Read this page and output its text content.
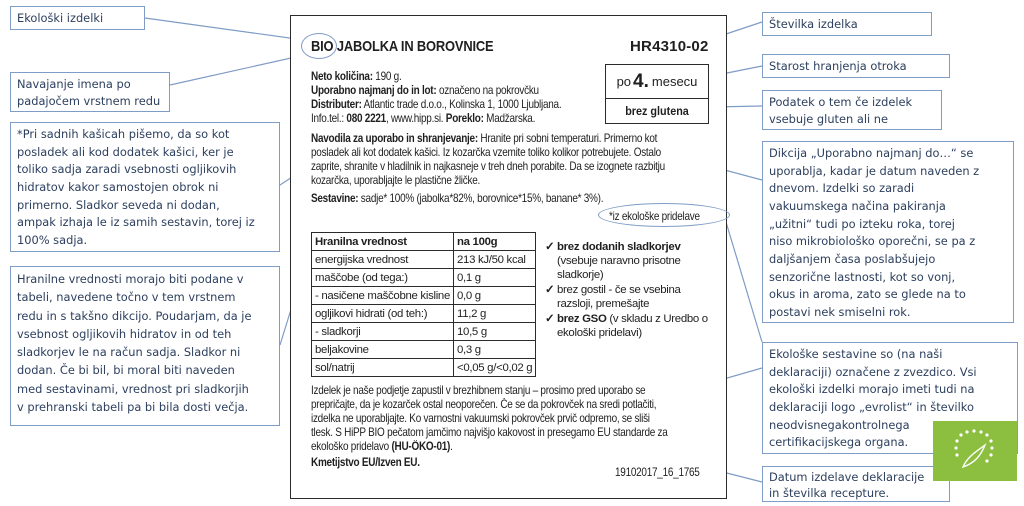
Ekološki izdelki
Navajanje imena po
padajočem vrstnem redu
*Pri sadnih kašicah pišemo, da so kot
posladek ali kod dodatek kašici, ker je
toliko sadja zaradi vsebnosti ogljikovih
hidratov kakor samostojen obrok ni
primerno. Sladkor seveda ni dodan,
ampak izhaja le iz samih sestavin, torej iz
100% sadja.
Hranilne vrednosti morajo biti podane v
tabeli, navedene točno v tem vrstnem
redu in s takšno dikcijo. Poudarjam, da je
vsebnost ogljikovih hidratov in od teh
sladkorjev le na račun sadja. Sladkor ni
dodan. Če bi bil, bi moral biti naveden
med sestavinami, vrednost pri sladkorjih
v prehranski tabeli pa bi bila dosti večja.
Številka izdelka
Starost hranjenja otroka
Podatek o tem če izdelek
vsebuje gluten ali ne
Dikcija „Uporabno najmanj do…“ se
uporablja, kadar je datum naveden z
dnevom. Izdelki so zaradi
vakuumskega načina pakiranja
„užitni“ tudi po izteku roka, torej
niso mikrobiološko oporečni, se pa z
daljšanjem časa poslabšujejo
senzorične lastnosti, kot so vonj,
okus in aroma, zato se glede na to
postavi nek smiselni rok.
Ekološke sestavine so (na naši
deklaraciji) označene z zvezdico. Vsi
ekološki izdelki morajo imeti tudi na
deklaraciji logo „evrolist“ in številko
neodvisnegakontrolnega
certifikacijskega organa.
Datum izdelave deklaracije
in številka recepture.
BIO JABOLKA IN BOROVNICE	HR4310-02
po 4. mesecu
brez glutena
Neto količina: 190 g.
Uporabno najmanj do in lot: označeno na pokrovčku
Distributer: Atlantic trade d.o.o., Kolinska 1, 1000 Ljubljana.
Info.tel.: 080 2221, www.hipp.si. Poreklo: Madžarska.
Navodila za uporabo in shranjevanje: Hranite pri sobni temperaturi. Primerno kot
posladek ali kot dodatek kašici. Iz kozarčka vzemite toliko kolikor potrebujete. Ostalo
zaprite, shranite v hladilnik in najkasneje v treh dneh porabite. Da se izognete razbitju
kozarčka, uporabljajte le plastične žličke.
Sestavine: sadje* 100% (jabolka*82%, borovnice*15%, banane* 3%).
*iz ekološke pridelave
Hranilna vrednost	na 100g
energijska vrednost	213 kJ/50 kcal
maščobe (od tega:)	0,1 g
- nasičene maščobne kisline	0,0 g
ogljikovi hidrati (od teh:)	11,2 g
- sladkorji	10,5 g
beljakovine	0,3 g
sol/natrij	<0,05 g/<0,02 g
✓ brez dodanih sladkorjev
(vsebuje naravno prisotne
sladkorje)
✓ brez gostil - če se vsebina
razsloji, premešajte
✓ brez GSO (v skladu z Uredbo o
ekološki pridelavi)
Izdelek je naše podjetje zapustil v brezhibnem stanju – prosimo pred uporabo se
prepričajte, da je kozarček ostal neoporečen. Če se da pokrovček na sredi potlačiti,
izdelka ne uporabljajte. Ko varnostni vakuumski pokrovček prvič odpremo, se sliši
tlesk. S HiPP BIO pečatom jamčimo najvišjo kakovost in presegamo EU standarde za
ekološko pridelavo (HU-ÖKO-01).
Kmetijstvo EU/Izven EU.
19102017_16_1765
